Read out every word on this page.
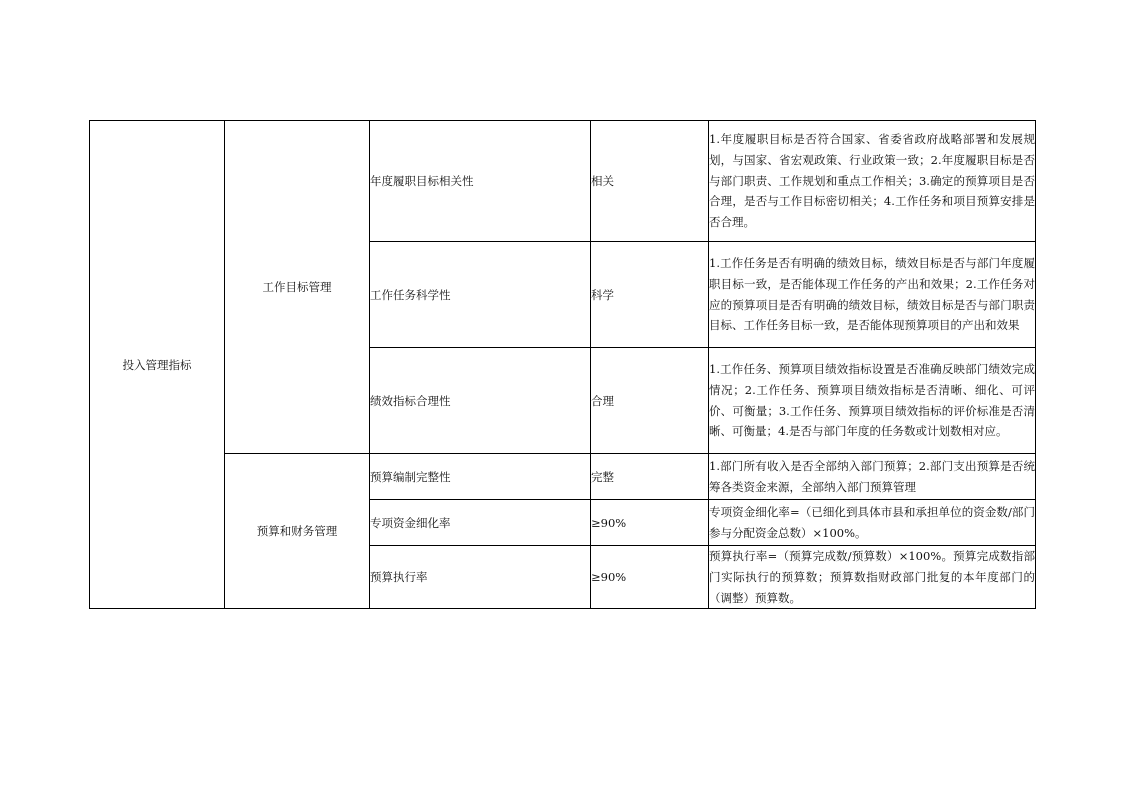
投入管理指标	工作目标管理	年度履职目标相关性	相关	1.年度履职目标是否符合国家、省委省政府战略部署和发展规划，与国家、省宏观政策、行业政策一致；2.年度履职目标是否与部门职责、工作规划和重点工作相关；3.确定的预算项目是否合理，是否与工作目标密切相关；4.工作任务和项目预算安排是否合理。
		工作任务科学性	科学	1.工作任务是否有明确的绩效目标，绩效目标是否与部门年度履职目标一致，是否能体现工作任务的产出和效果；2.工作任务对应的预算项目是否有明确的绩效目标，绩效目标是否与部门职责目标、工作任务目标一致，是否能体现预算项目的产出和效果
		绩效指标合理性	合理	1.工作任务、预算项目绩效指标设置是否准确反映部门绩效完成情况；2.工作任务、预算项目绩效指标是否清晰、细化、可评价、可衡量；3.工作任务、预算项目绩效指标的评价标准是否清晰、可衡量；4.是否与部门年度的任务数或计划数相对应。
	预算和财务管理	预算编制完整性	完整	1.部门所有收入是否全部纳入部门预算；2.部门支出预算是否统筹各类资金来源，全部纳入部门预算管理
		专项资金细化率	≥90%	专项资金细化率=（已细化到具体市县和承担单位的资金数/部门参与分配资金总数）×100%。
		预算执行率	≥90%	预算执行率=（预算完成数/预算数）×100%。预算完成数指部门实际执行的预算数；预算数指财政部门批复的本年度部门的（调整）预算数。
